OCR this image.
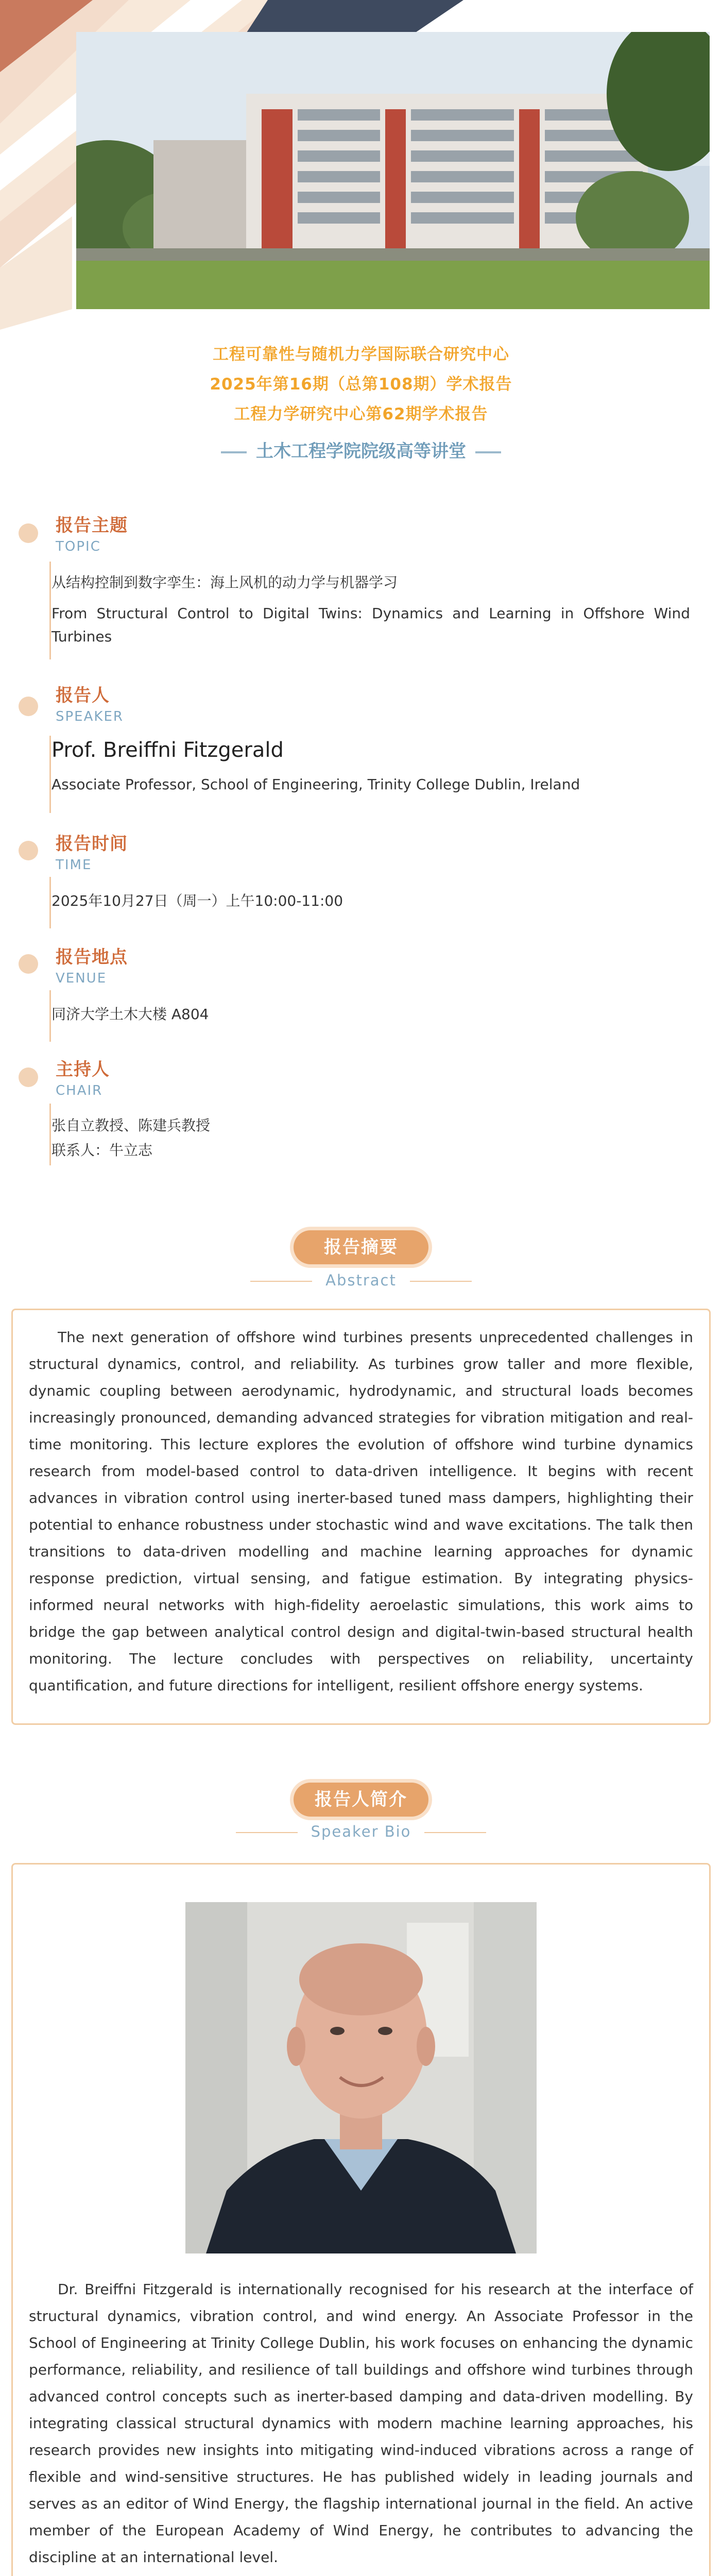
工程可靠性与随机力学国际联合研究中心
2025年第16期（总第108期）学术报告
工程力学研究中心第62期学术报告
土木工程学院院级高等讲堂
报告主题
TOPIC
从结构控制到数字孪生：海上风机的动力学与机器学习
From Structural Control to Digital Twins: Dynamics and Learning in Offshore Wind Turbines
报告人
SPEAKER
Prof. Breiffni Fitzgerald
Associate Professor, School of Engineering, Trinity College Dublin, Ireland
报告时间
TIME
2025年10月27日（周一）上午10:00-11:00
报告地点
VENUE
同济大学土木大楼 A804
主持人
CHAIR
张自立教授、陈建兵教授
联系人：牛立志
报告摘要
Abstract
The next generation of offshore wind turbines presents unprecedented challenges in structural dynamics, control, and reliability. As turbines grow taller and more flexible, dynamic coupling between aerodynamic, hydrodynamic, and structural loads becomes increasingly pronounced, demanding advanced strategies for vibration mitigation and real-time monitoring. This lecture explores the evolution of offshore wind turbine dynamics research from model-based control to data-driven intelligence. It begins with recent advances in vibration control using inerter-based tuned mass dampers, highlighting their potential to enhance robustness under stochastic wind and wave excitations. The talk then transitions to data-driven modelling and machine learning approaches for dynamic response prediction, virtual sensing, and fatigue estimation. By integrating physics-informed neural networks with high-fidelity aeroelastic simulations, this work aims to bridge the gap between analytical control design and digital-twin-based structural health monitoring. The lecture concludes with perspectives on reliability, uncertainty quantification, and future directions for intelligent, resilient offshore energy systems.
报告人简介
Speaker Bio
Dr. Breiffni Fitzgerald is internationally recognised for his research at the interface of structural dynamics, vibration control, and wind energy. An Associate Professor in the School of Engineering at Trinity College Dublin, his work focuses on enhancing the dynamic performance, reliability, and resilience of tall buildings and offshore wind turbines through advanced control concepts such as inerter-based damping and data-driven modelling. By integrating classical structural dynamics with modern machine learning approaches, his research provides new insights into mitigating wind-induced vibrations across a range of flexible and wind-sensitive structures. He has published widely in leading journals and serves as an editor of Wind Energy, the flagship international journal in the field. An active member of the European Academy of Wind Energy, he contributes to advancing the discipline at an international level.
